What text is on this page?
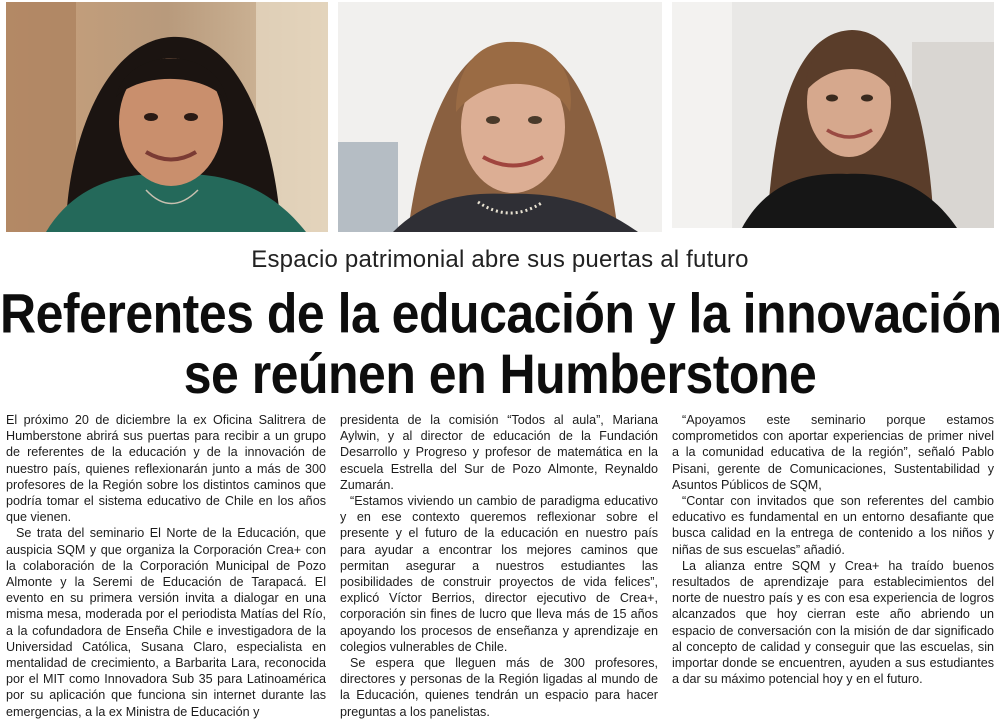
Espacio patrimonial abre sus puertas al futuro
Referentes de la educación y la innovación
se reúnen en Humberstone

El próximo 20 de diciembre la ex Oficina Salitrera de Humberstone abrirá sus puertas para recibir a un grupo de referentes de la educación y de la innovación de nuestro país, quienes reflexionarán junto a más de 300 profesores de la Región sobre los distintos caminos que podría tomar el sistema educativo de Chile en los años que vienen.

Se trata del seminario El Norte de la Educación, que auspicia SQM y que organiza la Corporación Crea+ con la colaboración de la Corporación Municipal de Pozo Almonte y la Seremi de Educación de Tarapacá. El evento en su primera versión invita a dialogar en una misma mesa, moderada por el periodista Matías del Río, a la cofundadora de Enseña Chile e investigadora de la Universidad Católica, Susana Claro, especialista en mentalidad de crecimiento, a Barbarita Lara, reconocida por el MIT como Innovadora Sub 35 para Latinoamérica por su aplicación que funciona sin internet durante las emergencias, a la ex Ministra de Educación y

presidenta de la comisión “Todos al aula”, Mariana Aylwin, y al director de educación de la Fundación Desarrollo y Progreso y profesor de matemática en la escuela Estrella del Sur de Pozo Almonte, Reynaldo Zumarán.

“Estamos viviendo un cambio de paradigma educativo y en ese contexto queremos reflexionar sobre el presente y el futuro de la educación en nuestro país para ayudar a encontrar los mejores caminos que permitan asegurar a nuestros estudiantes las posibilidades de construir proyectos de vida felices”, explicó Víctor Berrios, director ejecutivo de Crea+, corporación sin fines de lucro que lleva más de 15 años apoyando los procesos de enseñanza y aprendizaje en colegios vulnerables de Chile.

Se espera que lleguen más de 300 profesores, directores y personas de la Región ligadas al mundo de la Educación, quienes tendrán un espacio para hacer preguntas a los panelistas.

“Apoyamos este seminario porque estamos comprometidos con aportar experiencias de primer nivel a la comunidad educativa de la región”, señaló Pablo Pisani, gerente de Comunicaciones, Sustentabilidad y Asuntos Públicos de SQM,

“Contar con invitados que son referentes del cambio educativo es fundamental en un entorno desafiante que busca calidad en la entrega de contenido a los niños y niñas de sus escuelas” añadió.

La alianza entre SQM y Crea+ ha traído buenos resultados de aprendizaje para establecimientos del norte de nuestro país y es con esa experiencia de logros alcanzados que hoy cierran este año abriendo un espacio de conversación con la misión de dar significado al concepto de calidad y conseguir que las escuelas, sin importar donde se encuentren, ayuden a sus estudiantes a dar su máximo potencial hoy y en el futuro.
